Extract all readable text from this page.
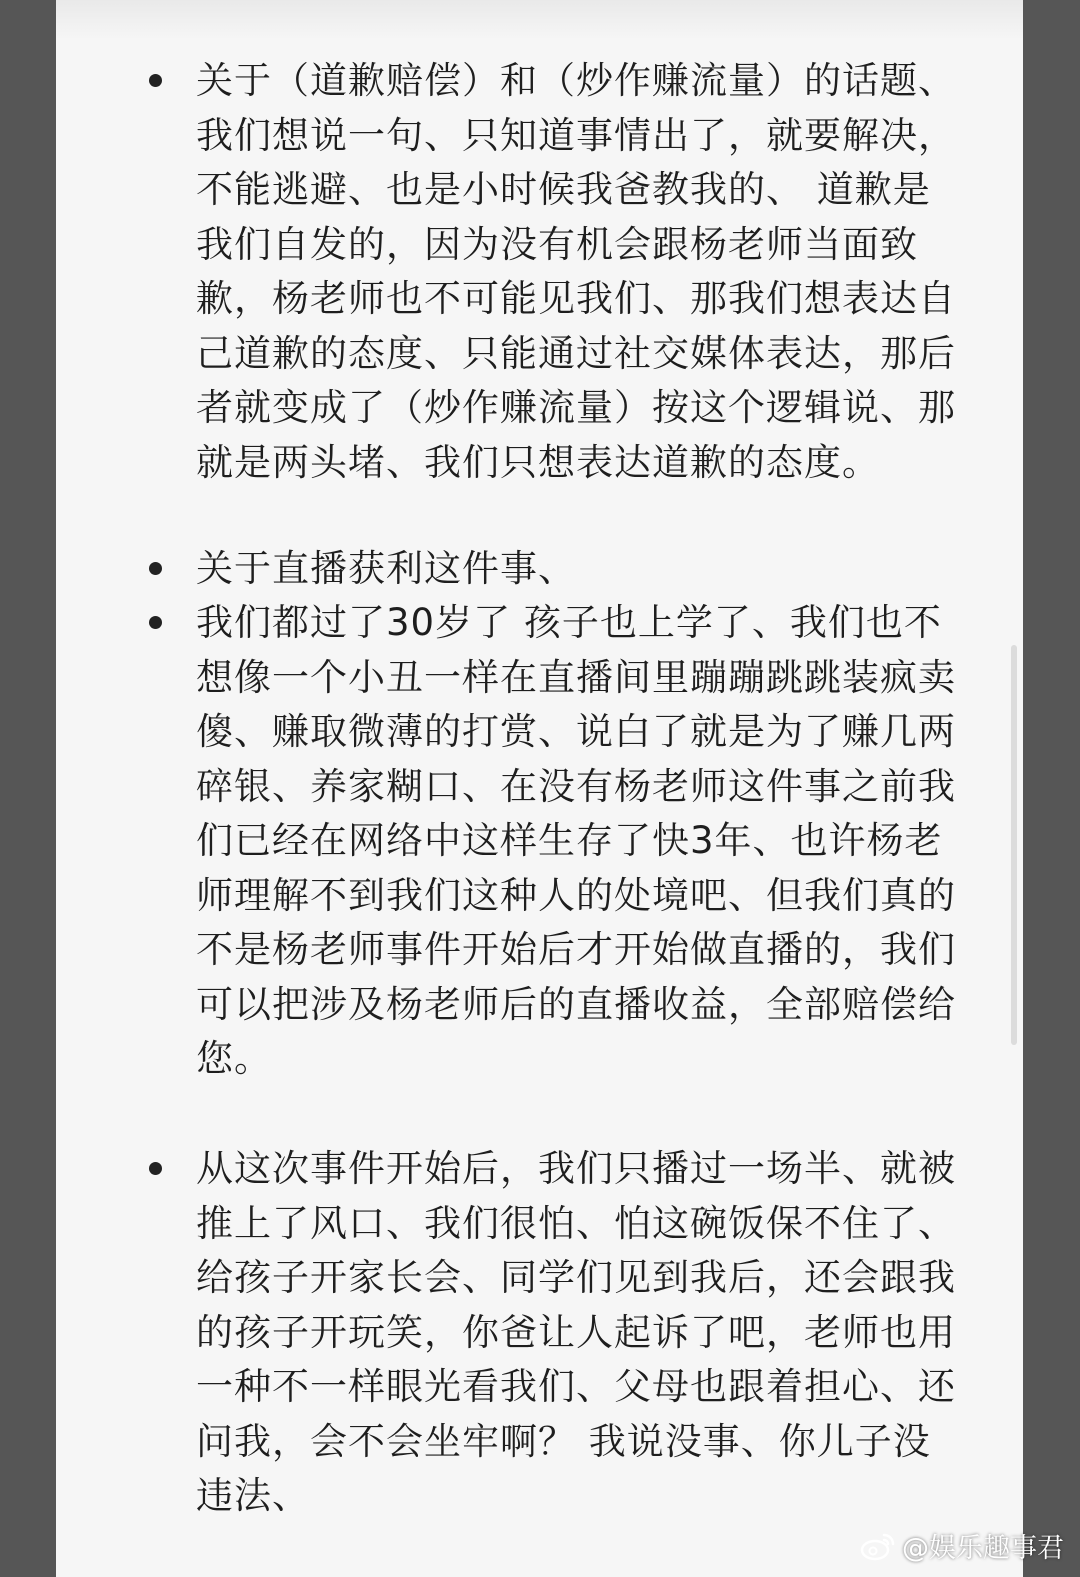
关于（道歉赔偿）和（炒作赚流量）的话题、我们想说一句、只知道事情出了，就要解决，不能逃避、也是小时候我爸教我的、 道歉是我们自发的，因为没有机会跟杨老师当面致歉，杨老师也不可能见我们、那我们想表达自己道歉的态度、只能通过社交媒体表达，那后者就变成了（炒作赚流量）按这个逻辑说、那就是两头堵、我们只想表达道歉的态度。

关于直播获利这件事、

我们都过了30岁了 孩子也上学了、我们也不想像一个小丑一样在直播间里蹦蹦跳跳装疯卖傻、赚取微薄的打赏、说白了就是为了赚几两碎银、养家糊口、在没有杨老师这件事之前我们已经在网络中这样生存了快3年、也许杨老师理解不到我们这种人的处境吧、但我们真的不是杨老师事件开始后才开始做直播的，我们可以把涉及杨老师后的直播收益，全部赔偿给您。

从这次事件开始后，我们只播过一场半、就被推上了风口、我们很怕、怕这碗饭保不住了、给孩子开家长会、同学们见到我后，还会跟我的孩子开玩笑，你爸让人起诉了吧，老师也用一种不一样眼光看我们、父母也跟着担心、还问我，会不会坐牢啊？ 我说没事、你儿子没违法、

@娱乐趣事君
